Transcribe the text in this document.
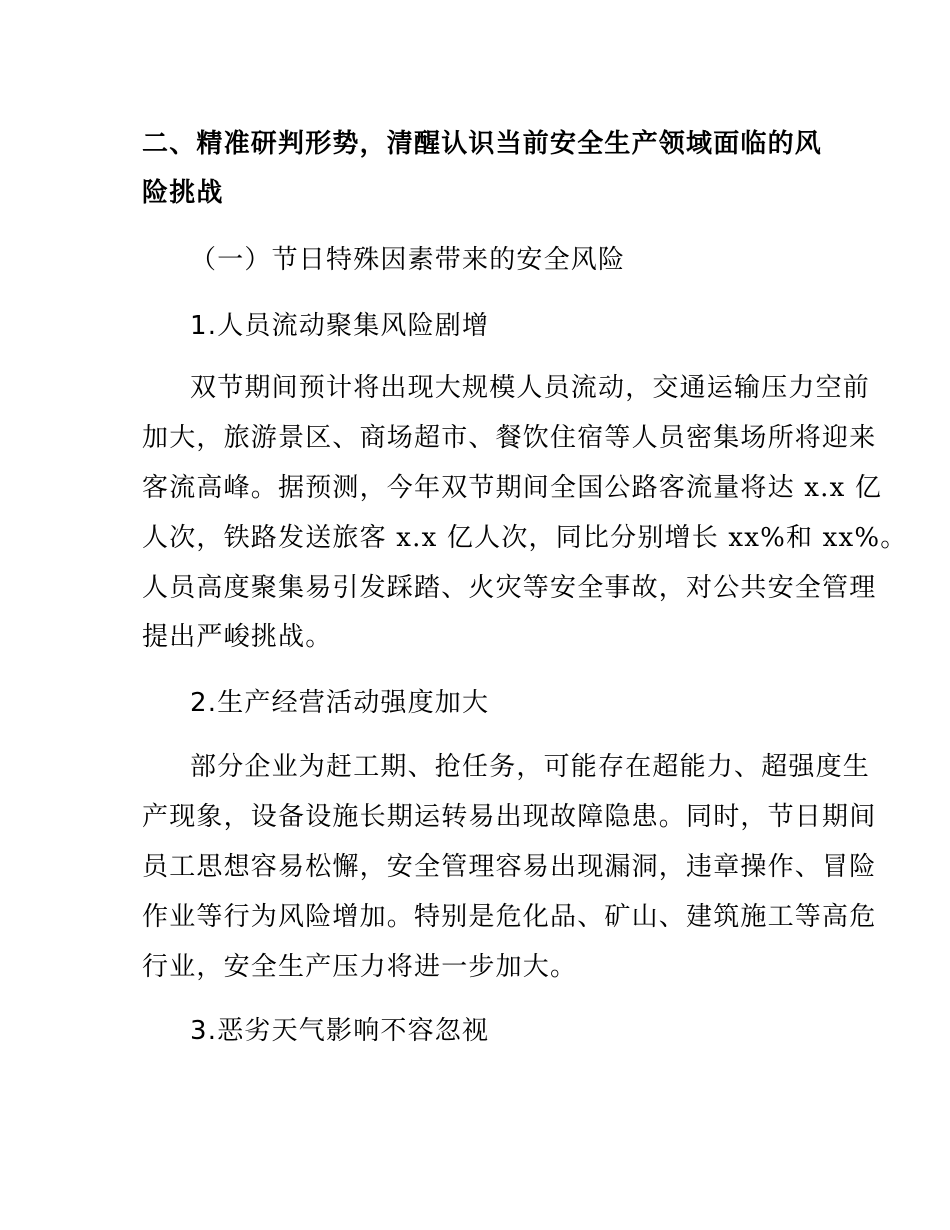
二、精准研判形势，清醒认识当前安全生产领域面临的风
险挑战
（一）节日特殊因素带来的安全风险
1.人员流动聚集风险剧增
双节期间预计将出现大规模人员流动，交通运输压力空前
加大，旅游景区、商场超市、餐饮住宿等人员密集场所将迎来
客流高峰。据预测，今年双节期间全国公路客流量将达 x.x 亿
人次，铁路发送旅客 x.x 亿人次，同比分别增长 xx%和 xx%。
人员高度聚集易引发踩踏、火灾等安全事故，对公共安全管理
提出严峻挑战。
2.生产经营活动强度加大
部分企业为赶工期、抢任务，可能存在超能力、超强度生
产现象，设备设施长期运转易出现故障隐患。同时，节日期间
员工思想容易松懈，安全管理容易出现漏洞，违章操作、冒险
作业等行为风险增加。特别是危化品、矿山、建筑施工等高危
行业，安全生产压力将进一步加大。
3.恶劣天气影响不容忽视
